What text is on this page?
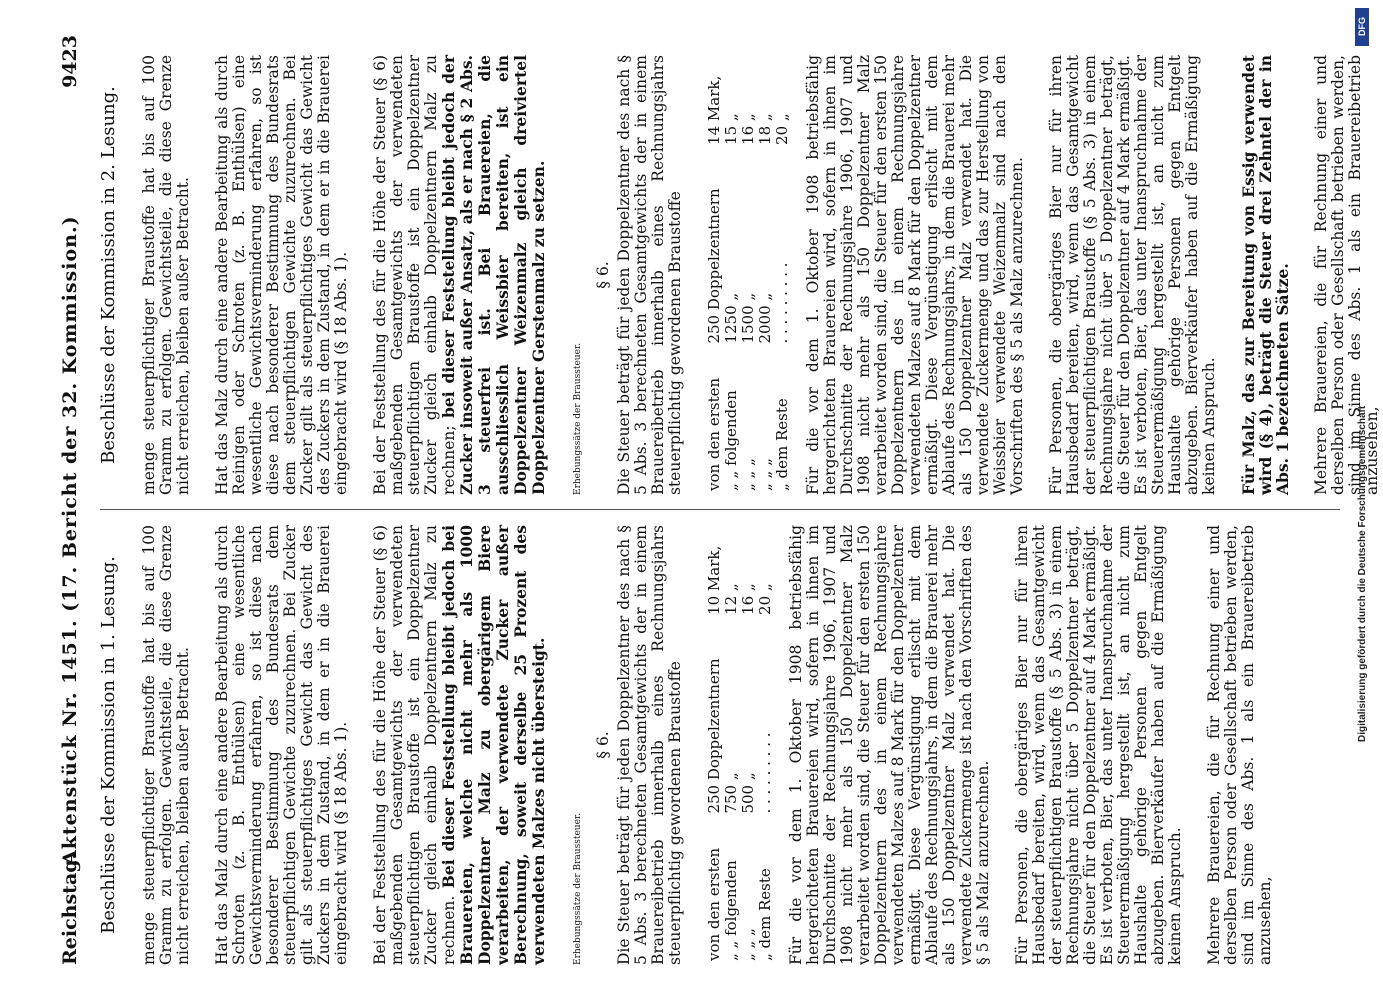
Reichstag.
Aktenstück Nr. 1451. (17. Bericht der 32. Kommission.)
9423
Beschlüsse der Kommission in 1. Lesung. menge steuerpflichtiger Braustoffe hat bis auf 100 Gramm zu erfolgen. Gewichtsteile, die diese Grenze nicht erreichen, bleiben außer Betracht. Hat das Malz durch eine andere Bearbeitung als durch Schroten (z. B. Enthülsen) eine wesentliche Gewichtsverminderung erfahren, so ist diese nach besonderer Bestimmung des Bundesrats dem steuerpflichtigen Gewichte zuzurechnen. Bei Zucker gilt als steuerpflichtiges Gewicht das Gewicht des Zuckers in dem Zustand, in dem er in die Brauerei eingebracht wird (§ 18 Abs. 1). Bei der Feststellung des für die Höhe der Steuer (§ 6) maßgebenden Gesamtgewichts der verwendeten steuerpflichtigen Braustoffe ist ein Doppelzentner Zucker gleich einhalb Doppelzentnern Malz zu rechnen. Bei dieser Feststellung bleibt jedoch bei Brauereien, welche nicht mehr als 1000 Doppelzentner Malz zu obergärigem Biere verarbeiten, der verwendete Zucker außer Berechnung, soweit derselbe 25 Prozent des verwendeten Malzes nicht übersteigt.	Erhebungssätze der Braussteuer.
§ 6. Die Steuer beträgt für jeden Doppelzentner des nach § 5 Abs. 3 berechneten Gesamtgewichts der in einem Brauereibetrieb innerhalb eines Rechnungsjahrs steuerpflichtig gewordenen Braustoffe von den ersten	250 Doppelzentnern	10 Mark,
„ „ folgenden	750 „	12 „
„ „ „	500 „	16 „
„ dem Reste	. . . . . . . . .	20 „ Für die vor dem 1. Oktober 1908 betriebsfähig hergerichteten Brauereien wird, sofern in ihnen im Durchschnitte der Rechnungsjahre 1906, 1907 und 1908 nicht mehr als 150 Doppelzentner Malz verarbeitet worden sind, die Steuer für den ersten 150 Doppelzentnern des in einem Rechnungsjahre verwendeten Malzes auf 8 Mark für den Doppelzentner ermäßigt. Diese Vergünstigung erlischt mit dem Ablaufe des Rechnungsjahrs, in dem die Brauerei mehr als 150 Doppelzentner Malz verwendet hat. Die verwendete Zuckermenge ist nach den Vorschriften des § 5 als Malz anzurechnen. Für Personen, die obergäriges Bier nur für ihren Hausbedarf bereiten, wird, wenn das Gesamtgewicht der steuerpflichtigen Braustoffe (§ 5 Abs. 3) in einem Rechnungsjahre nicht über 5 Doppelzentner beträgt, die Steuer für den Doppelzentner auf 4 Mark ermäßigt. Es ist verboten, Bier, das unter Inanspruchnahme der Steuerermäßigung hergestellt ist, an nicht zum Haushalte gehörige Personen gegen Entgelt abzugeben. Bierverkäufer haben auf die Ermäßigung keinen Anspruch. Mehrere Brauereien, die für Rechnung einer und derselben Person oder Gesellschaft betrieben werden, sind im Sinne des Abs. 1 als ein Brauereibetrieb anzusehen,

Beschlüsse der Kommission in 2. Lesung. menge steuerpflichtiger Braustoffe hat bis auf 100 Gramm zu erfolgen. Gewichtsteile, die diese Grenze nicht erreichen, bleiben außer Betracht. Hat das Malz durch eine andere Bearbeitung als durch Reinigen oder Schroten (z. B. Enthülsen) eine wesentliche Gewichtsverminderung erfahren, so ist diese nach besonderer Bestimmung des Bundesrats dem steuerpflichtigen Gewichte zuzurechnen. Bei Zucker gilt als steuerpflichtiges Gewicht das Gewicht des Zuckers in dem Zustand, in dem er in die Brauerei eingebracht wird (§ 18 Abs. 1). Bei der Feststellung des für die Höhe der Steuer (§ 6) maßgebenden Gesamtgewichts der verwendeten steuerpflichtigen Braustoffe ist ein Doppelzentner Zucker gleich einhalb Doppelzentnern Malz zu rechnen; bei dieser Feststellung bleibt jedoch der Zucker insoweit außer Ansatz, als er nach § 2 Abs. 3 steuerfrei ist. Bei Brauereien, die ausschliesslich Weissbier bereiten, ist ein Doppelzentner Weizenmalz gleich dreiviertel Doppelzentner Gerstenmalz zu setzen.	Erhebungssätze der Braussteuer.
§ 6. Die Steuer beträgt für jeden Doppelzentner des nach § 5 Abs. 3 berechneten Gesamtgewichts der in einem Brauereibetrieb innerhalb eines Rechnungsjahrs steuerpflichtig gewordenen Braustoffe von den ersten	250 Doppelzentnern	14 Mark,
„ „ folgenden	1250 „	15 „
„ „ „	1500 „	16 „
„ „ „	2000 „	18 „
„ dem Reste	. . . . . . . . .	20 „ Für die vor dem 1. Oktober 1908 betriebsfähig hergerichteten Brauereien wird, sofern in ihnen im Durchschnitte der Rechnungsjahre 1906, 1907 und 1908 nicht mehr als 150 Doppelzentner Malz verarbeitet worden sind, die Steuer für den ersten 150 Doppelzentnern des in einem Rechnungsjahre verwendeten Malzes auf 8 Mark für den Doppelzentner ermäßigt. Diese Vergünstigung erlischt mit dem Ablaufe des Rechnungsjahrs, in dem die Brauerei mehr als 150 Doppelzentner Malz verwendet hat. Die verwendete Zuckermenge und das zur Herstellung von Weissbier verwendete Weizenmalz sind nach den Vorschriften des § 5 als Malz anzurechnen. Für Personen, die obergäriges Bier nur für ihren Hausbedarf bereiten, wird, wenn das Gesamtgewicht der steuerpflichtigen Braustoffe (§ 5 Abs. 3) in einem Rechnungsjahre nicht über 5 Doppelzentner beträgt, die Steuer für den Doppelzentner auf 4 Mark ermäßigt. Es ist verboten, Bier, das unter Inanspruchnahme der Steuerermäßigung hergestellt ist, an nicht zum Haushalte gehörige Personen gegen Entgelt abzugeben. Bierverkäufer haben auf die Ermäßigung keinen Anspruch. Für Malz, das zur Bereitung von Essig verwendet wird (§ 4), beträgt die Steuer drei Zehntel der in Abs. 1 bezeichneten Sätze. Mehrere Brauereien, die für Rechnung einer und derselben Person oder Gesellschaft betrieben werden, sind im Sinne des Abs. 1 als ein Brauereibetrieb anzusehen,

DFG
Digitalisierung gefördert durch die Deutsche Forschungsgemeinschaft
